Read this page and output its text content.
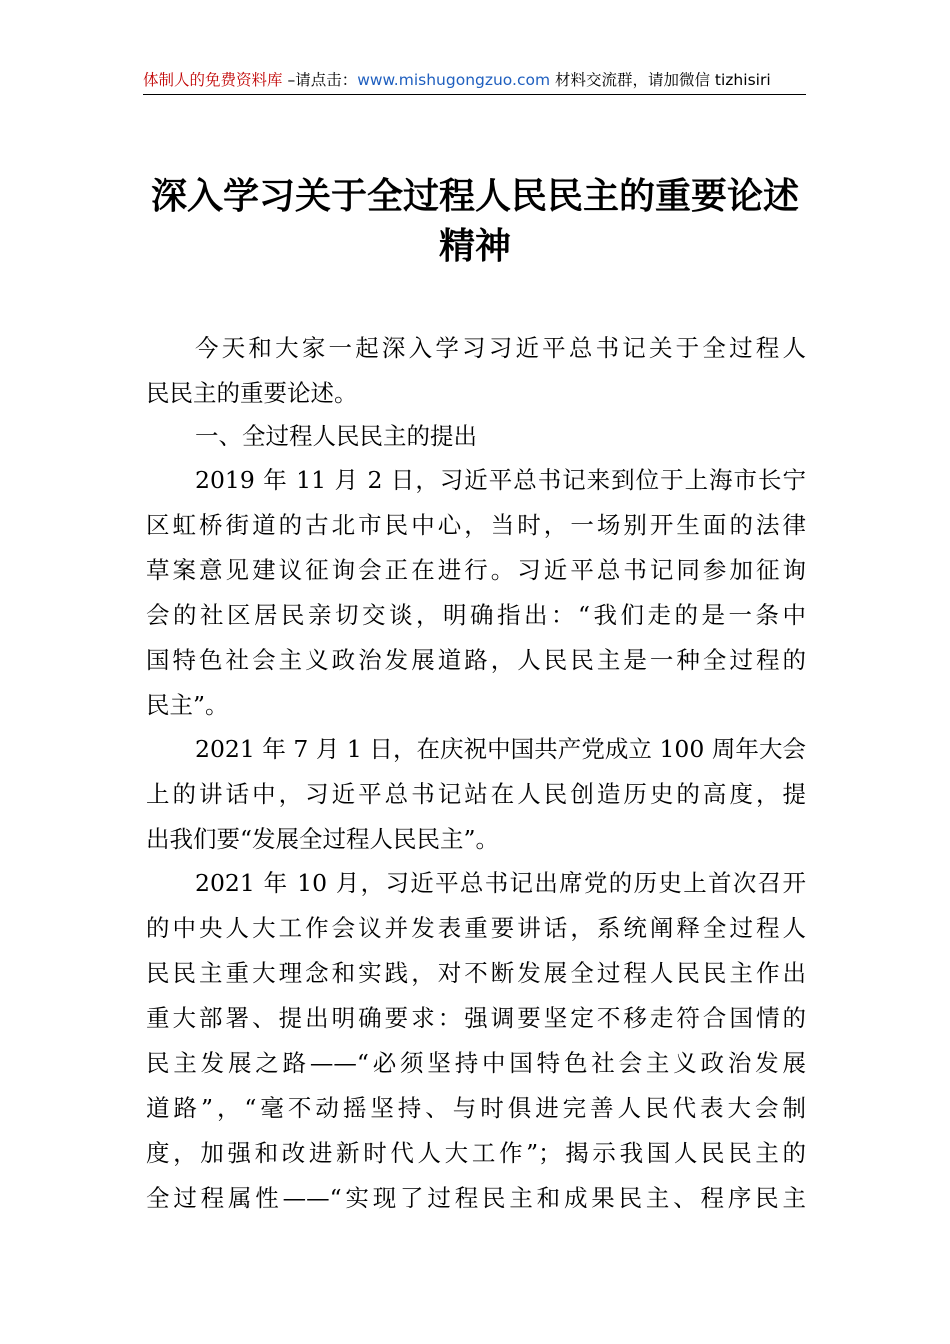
体制人的免费资料库 –请点击：www.mishugongzuo.com 材料交流群，请加微信 tizhisiri
深入学习关于全过程人民民主的重要论述
精神
今天和大家一起深入学习习近平总书记关于全过程人
民民主的重要论述。
一、全过程人民民主的提出
2019 年 11 月 2 日，习近平总书记来到位于上海市长宁
区虹桥街道的古北市民中心，当时，一场别开生面的法律
草案意见建议征询会正在进行。习近平总书记同参加征询
会的社区居民亲切交谈，明确指出：“我们走的是一条中
国特色社会主义政治发展道路，人民民主是一种全过程的
民主”。
2021 年 7 月 1 日，在庆祝中国共产党成立 100 周年大会
上的讲话中，习近平总书记站在人民创造历史的高度，提
出我们要“发展全过程人民民主”。
2021 年 10 月，习近平总书记出席党的历史上首次召开
的中央人大工作会议并发表重要讲话，系统阐释全过程人
民民主重大理念和实践，对不断发展全过程人民民主作出
重大部署、提出明确要求：强调要坚定不移走符合国情的
民主发展之路——“必须坚持中国特色社会主义政治发展
道路”，“毫不动摇坚持、与时俱进完善人民代表大会制
度，加强和改进新时代人大工作”；揭示我国人民民主的
全过程属性——“实现了过程民主和成果民主、程序民主
